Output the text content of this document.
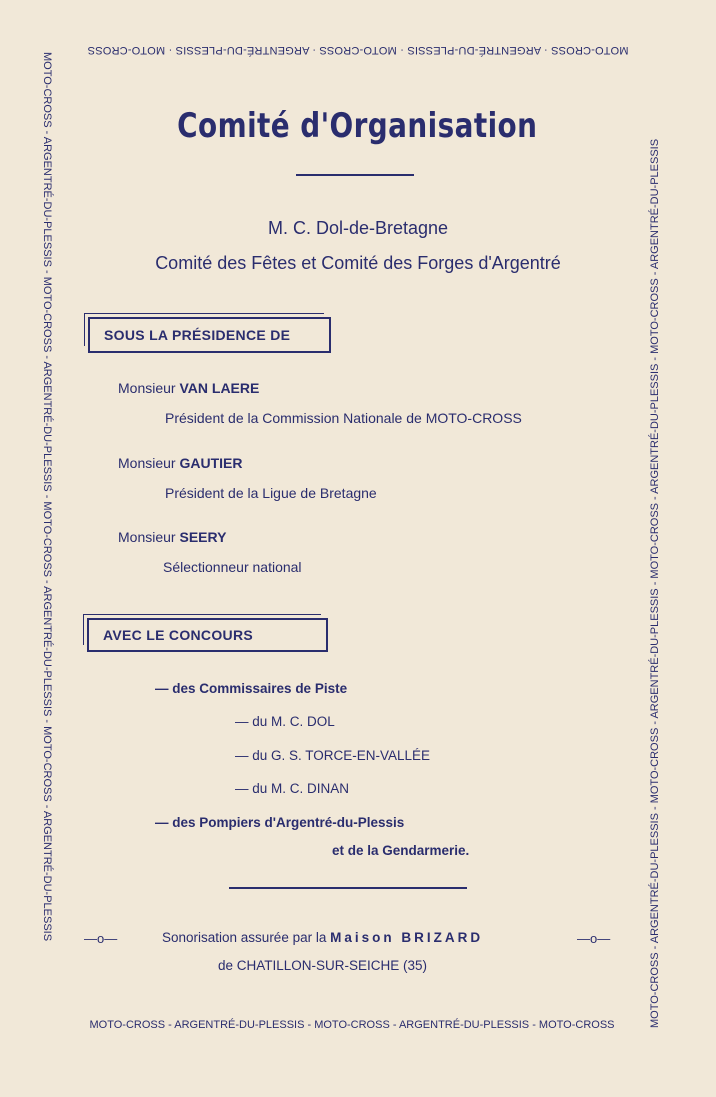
MOTO-CROSS · ARGENTRÉ-DU-PLESSIS · MOTO-CROSS · ARGENTRÉ-DU-PLESSIS · MOTO-CROSS
MOTO-CROSS - ARGENTRÉ-DU-PLESSIS - MOTO-CROSS - ARGENTRÉ-DU-PLESSIS - MOTO-CROSS
MOTO-CROSS - ARGENTRÉ-DU-PLESSIS - MOTO-CROSS - ARGENTRÉ-DU-PLESSIS - MOTO-CROSS - ARGENTRÉ-DU-PLESSIS - MOTO-CROSS - ARGENTRÉ-DU-PLESSIS	MOTO-CROSS - ARGENTRÉ-DU-PLESSIS - MOTO-CROSS - ARGENTRÉ-DU-PLESSIS - MOTO-CROSS - ARGENTRÉ-DU-PLESSIS - MOTO-CROSS - ARGENTRÉ-DU-PLESSIS
Comité d'Organisation
M. C. Dol-de-Bretagne
Comité des Fêtes et Comité des Forges d'Argentré
SOUS LA PRÉSIDENCE DE
Monsieur VAN LAERE
Président de la Commission Nationale de MOTO-CROSS
Monsieur GAUTIER
Président de la Ligue de Bretagne
Monsieur SEERY
Sélectionneur national
AVEC LE CONCOURS
— des Commissaires de Piste
— du M. C. DOL
— du G. S. TORCE-EN-VALLÉE
— du M. C. DINAN
— des Pompiers d'Argentré-du-Plessis
et de la Gendarmerie.
—o—	—o—
Sonorisation assurée par la Maison BRIZARD
de CHATILLON-SUR-SEICHE (35)
